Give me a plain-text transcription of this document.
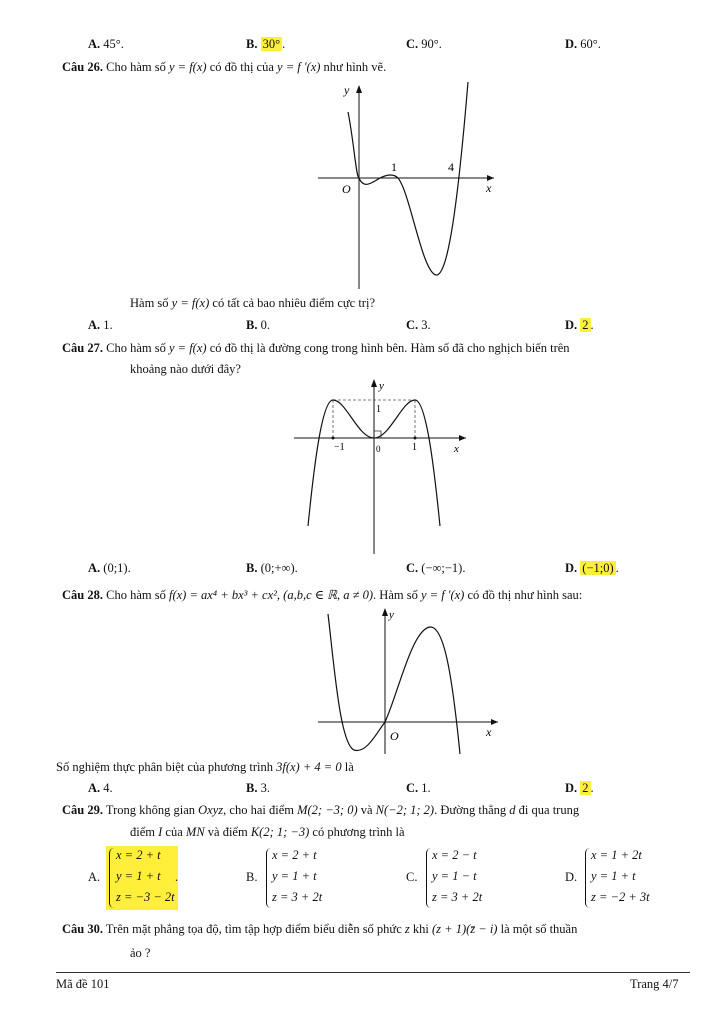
A. 45°.	B. 30° .	C. 90°.	D. 60°.
Câu 26. Cho hàm số y = f(x) có đồ thị của y = f '(x) như hình vẽ.
y
x
O
1	4
Hàm số y = f(x) có tất cả bao nhiêu điểm cực trị?
A. 1.	B. 0.	C. 3.	D. 2 .
Câu 27. Cho hàm số y = f(x) có đồ thị là đường cong trong hình bên. Hàm số đã cho nghịch biến trên
khoảng nào dưới đây?
y
x
−1	0	1
1
A. (0;1).	B. (0;+∞).	C. (−∞;−1).	D. (−1;0) .
Câu 28. Cho hàm số f(x) = ax⁴ + bx³ + cx², (a,b,c ∈ ℝ, a ≠ 0). Hàm số y = f '(x) có đồ thị như hình sau:
y
x
O
Số nghiệm thực phân biệt của phương trình 3f(x) + 4 = 0 là
A. 4.	B. 3.	C. 1.	D. 2 .
Câu 29. Trong không gian Oxyz, cho hai điểm M(2; −3; 0) và N(−2; 1; 2). Đường thẳng d đi qua trung
điểm I của MN và điểm K(2; 1; −3) có phương trình là
A.
x = 2 + t
y = 1 + t
z = −3 − 2t
.	B.
x = 2 + t
y = 1 + t
z = 3 + 2t
C.
x = 2 − t
y = 1 − t
z = 3 + 2t
D.
x = 1 + 2t
y = 1 + t
z = −2 + 3t
Câu 30. Trên mặt phẳng tọa độ, tìm tập hợp điểm biểu diễn số phức z khi (z + 1)(z̄ − i) là một số thuần
ảo ?
Mã đề 101	Trang 4/7
